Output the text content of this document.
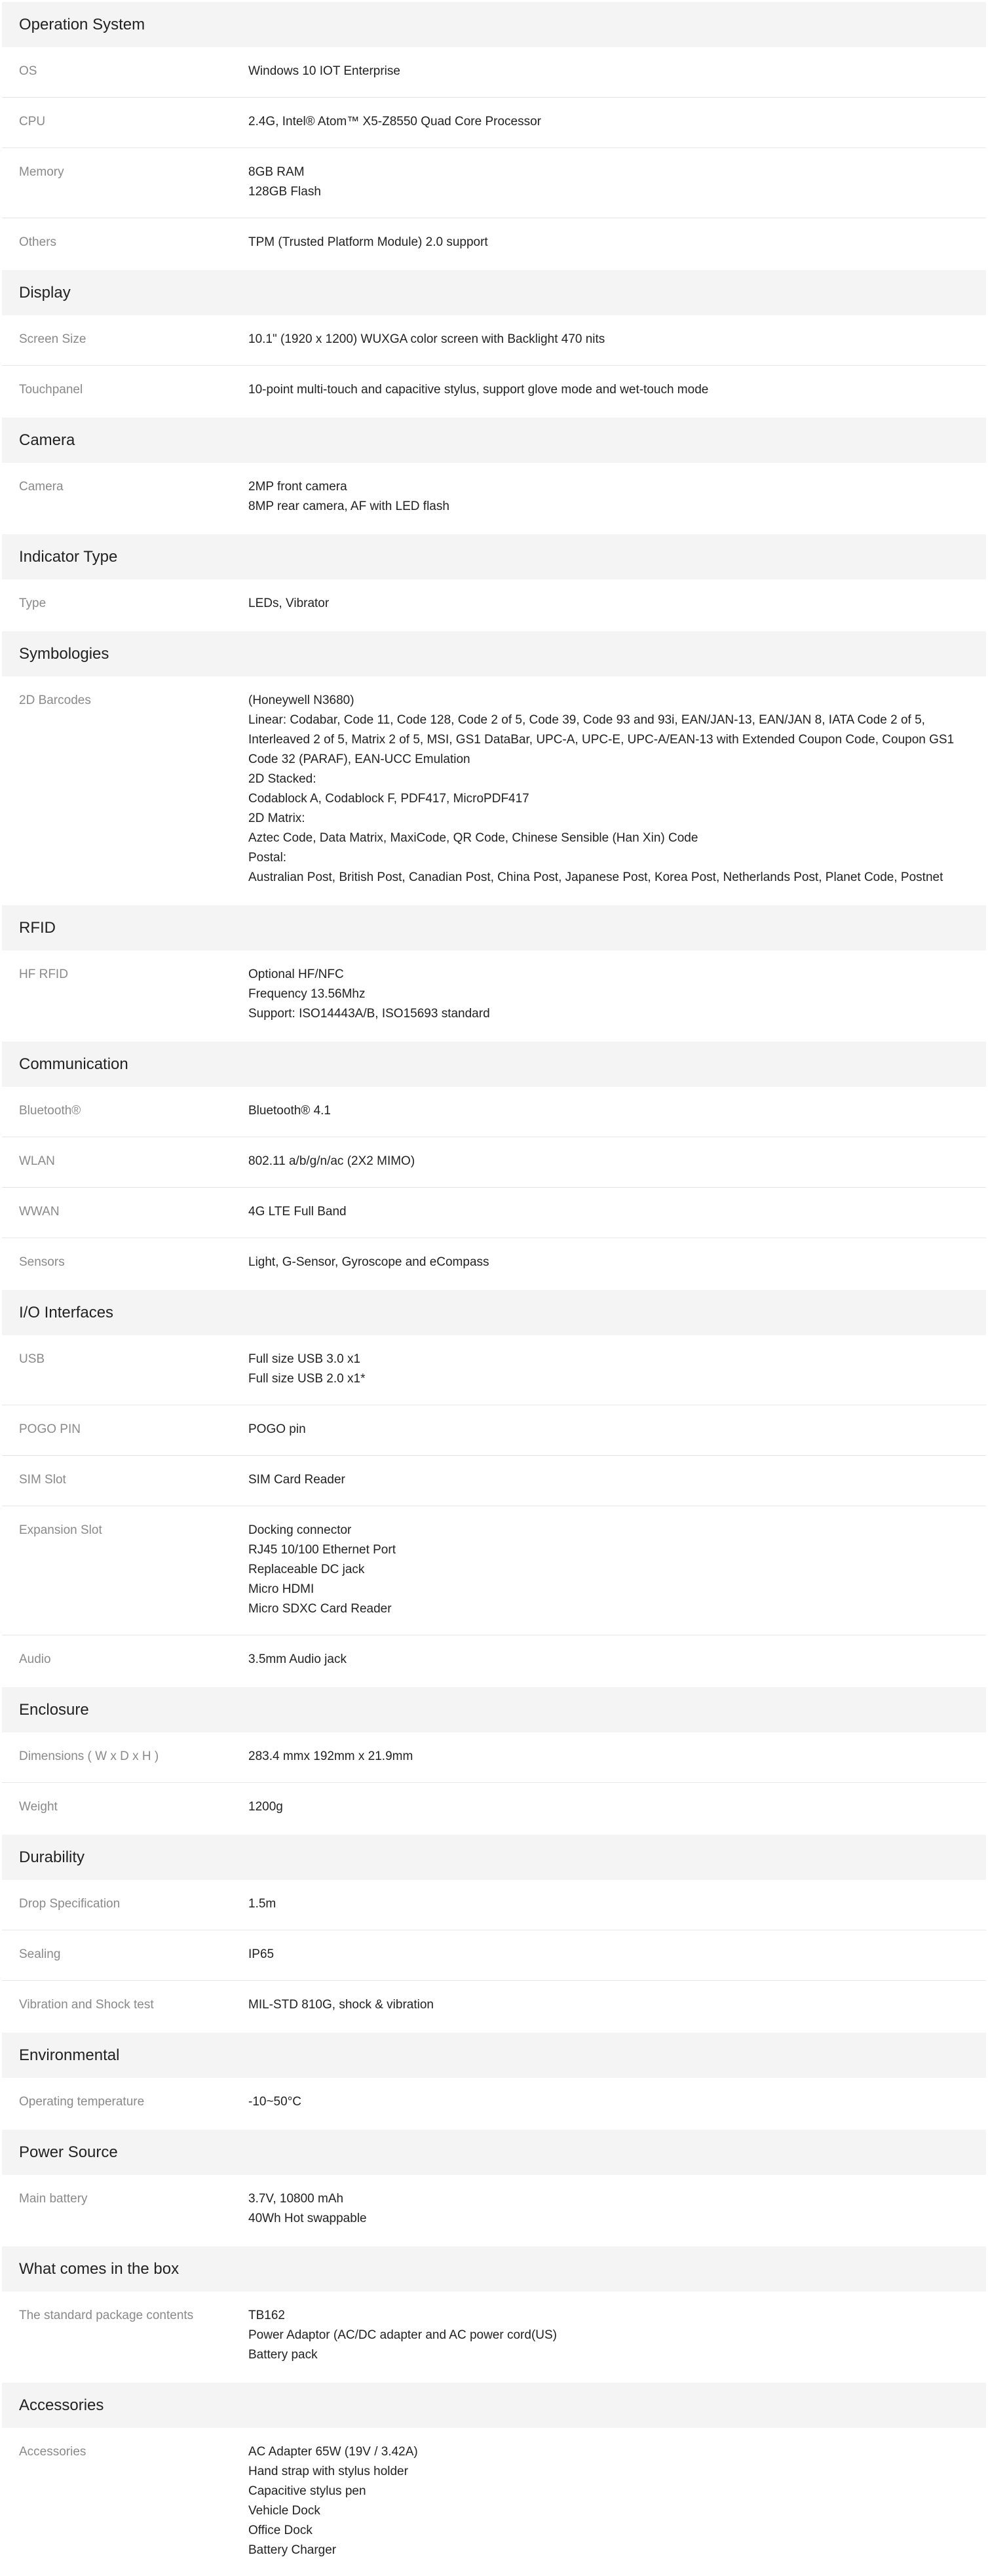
Operation System
OS	Windows 10 IOT Enterprise
CPU	2.4G, Intel® Atom™ X5-Z8550 Quad Core Processor
Memory	8GB RAM
128GB Flash
Others	TPM (Trusted Platform Module) 2.0 support
Display
Screen Size	10.1" (1920 x 1200) WUXGA color screen with Backlight 470 nits
Touchpanel	10-point multi-touch and capacitive stylus, support glove mode and wet-touch mode
Camera
Camera	2MP front camera
8MP rear camera, AF with LED flash
Indicator Type
Type	LEDs, Vibrator
Symbologies
2D Barcodes	(Honeywell N3680)
Linear: Codabar, Code 11, Code 128, Code 2 of 5, Code 39, Code 93 and 93i, EAN/JAN-13, EAN/JAN 8, IATA Code 2 of 5, Interleaved 2 of 5, Matrix 2 of 5, MSI, GS1 DataBar, UPC-A, UPC-E, UPC-A/EAN-13 with Extended Coupon Code, Coupon GS1 Code 32 (PARAF), EAN-UCC Emulation
2D Stacked:
Codablock A, Codablock F, PDF417, MicroPDF417
2D Matrix:
Aztec Code, Data Matrix, MaxiCode, QR Code, Chinese Sensible (Han Xin) Code
Postal:
Australian Post, British Post, Canadian Post, China Post, Japanese Post, Korea Post, Netherlands Post, Planet Code, Postnet
RFID
HF RFID	Optional HF/NFC
Frequency 13.56Mhz
Support: ISO14443A/B, ISO15693 standard
Communication
Bluetooth®	Bluetooth® 4.1
WLAN	802.11 a/b/g/n/ac (2X2 MIMO)
WWAN	4G LTE Full Band
Sensors	Light, G-Sensor, Gyroscope and eCompass
I/O Interfaces
USB	Full size USB 3.0 x1
Full size USB 2.0 x1*
POGO PIN	POGO pin
SIM Slot	SIM Card Reader
Expansion Slot	Docking connector
RJ45 10/100 Ethernet Port
Replaceable DC jack
Micro HDMI
Micro SDXC Card Reader
Audio	3.5mm Audio jack
Enclosure
Dimensions ( W x D x H )	283.4 mmx 192mm x 21.9mm
Weight	1200g
Durability
Drop Specification	1.5m
Sealing	IP65
Vibration and Shock test	MIL-STD 810G, shock & vibration
Environmental
Operating temperature	-10~50°C
Power Source
Main battery	3.7V, 10800 mAh
40Wh Hot swappable
What comes in the box
The standard package contents	TB162
Power Adaptor (AC/DC adapter and AC power cord(US)
Battery pack
Accessories
Accessories	AC Adapter 65W (19V / 3.42A)
Hand strap with stylus holder
Capacitive stylus pen
Vehicle Dock
Office Dock
Battery Charger
